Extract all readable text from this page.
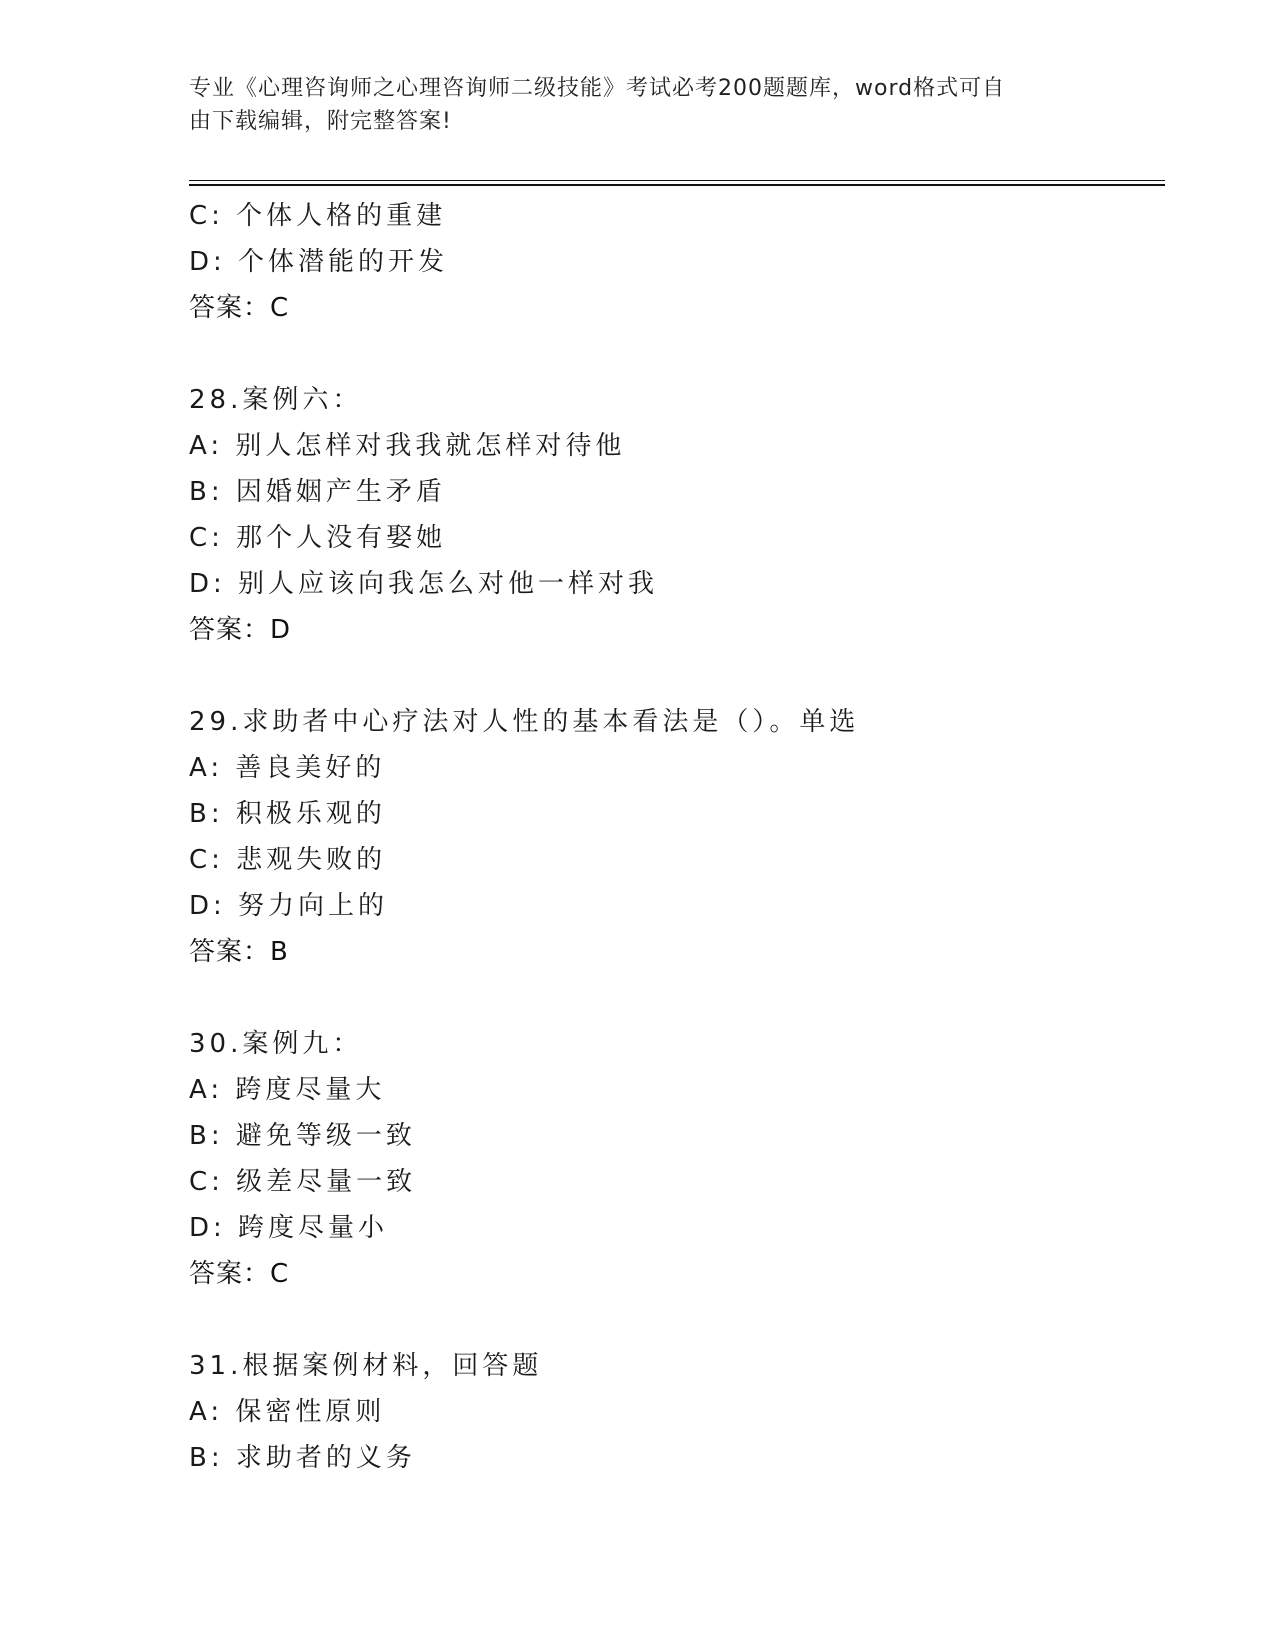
专业《心理咨询师之心理咨询师二级技能》考试必考200题题库，word格式可自
由下载编辑，附完整答案!
C: 个体人格的重建
D: 个体潜能的开发
答案：C
28.案例六：
A: 别人怎样对我我就怎样对待他
B: 因婚姻产生矛盾
C: 那个人没有娶她
D: 别人应该向我怎么对他一样对我
答案：D
29.求助者中心疗法对人性的基本看法是（）。单选
A: 善良美好的
B: 积极乐观的
C: 悲观失败的
D: 努力向上的
答案：B
30.案例九：
A: 跨度尽量大
B: 避免等级一致
C: 级差尽量一致
D: 跨度尽量小
答案：C
31.根据案例材料，回答题
A: 保密性原则
B: 求助者的义务
